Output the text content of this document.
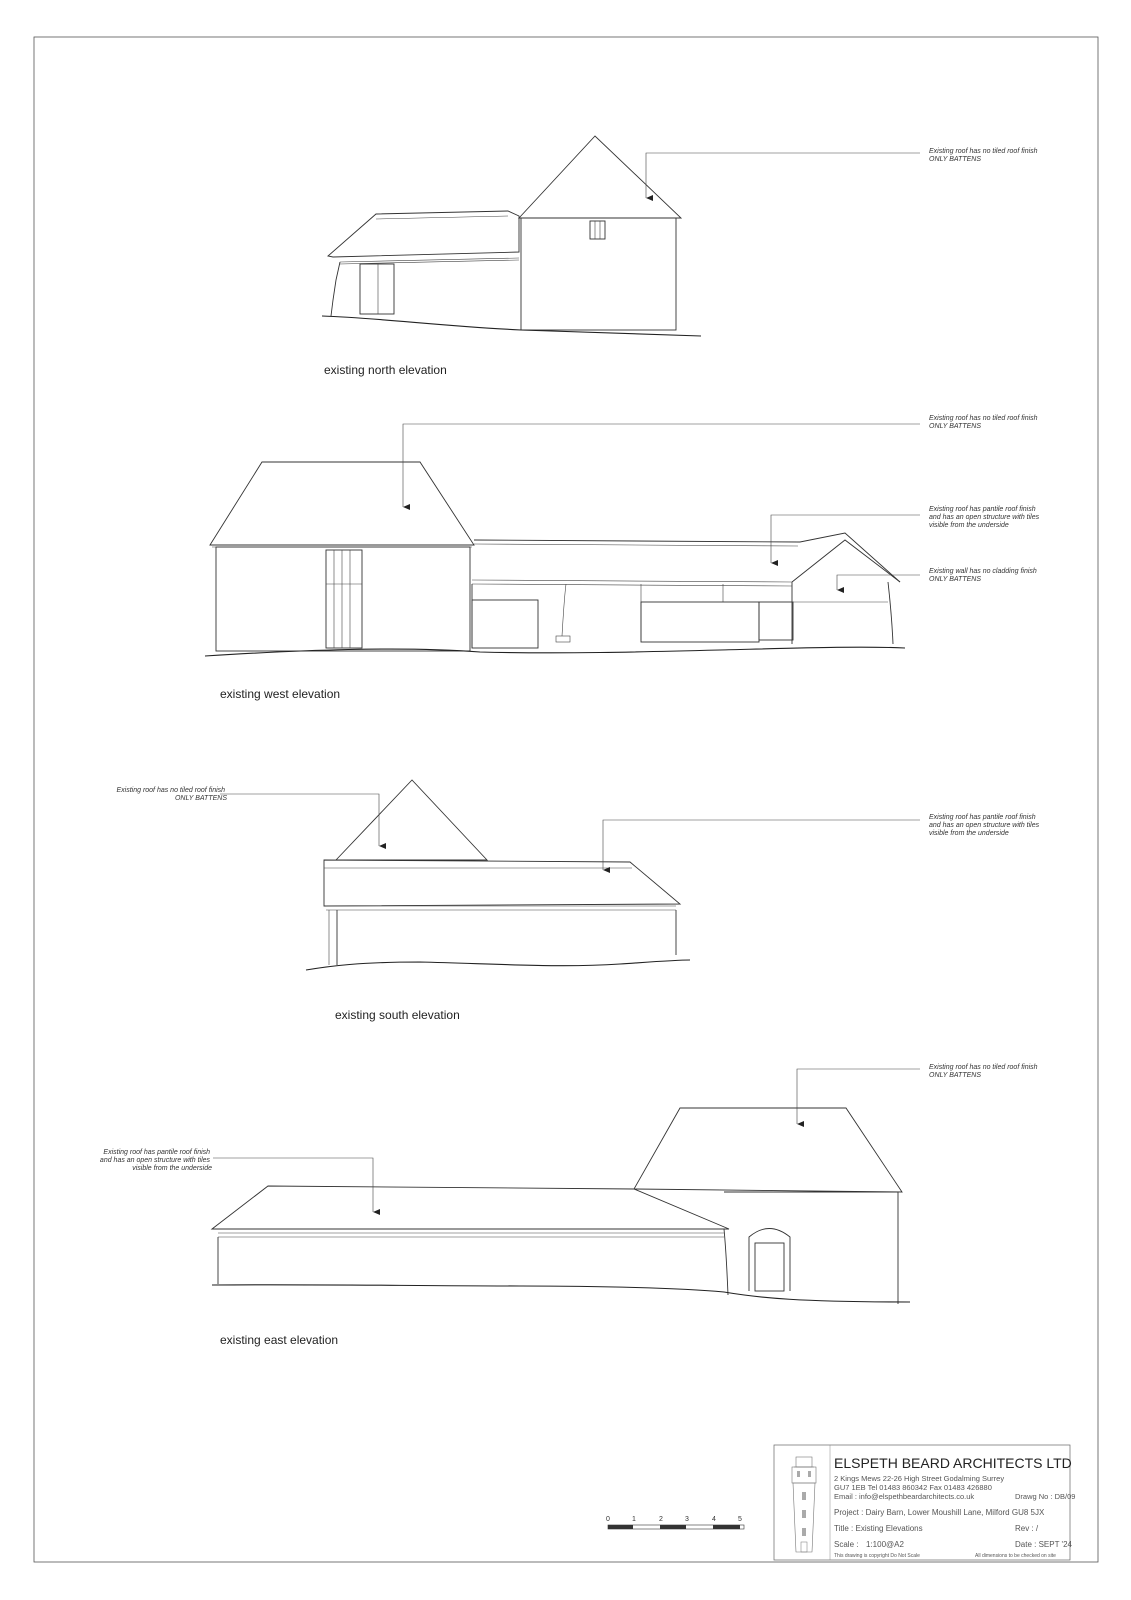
Existing roof has no tiled roof finish ONLY BATTENS
existing north elevation
Existing roof has no tiled roof finish ONLY BATTENS
Existing roof has pantile roof finish and has an open structure with tiles visible from the underside
Existing wall has no cladding finish ONLY BATTENS
existing west elevation
Existing roof has no tiled roof finish ONLY BATTENS
Existing roof has pantile roof finish and has an open structure with tiles visible from the underside
existing south elevation
Existing roof has no tiled roof finish ONLY BATTENS
Existing roof has pantile roof finish and has an open structure with tiles visible from the underside
existing east elevation
0	1	2	3	4	5
ELSPETH BEARD ARCHITECTS LTD
2 Kings Mews 22-26 High Street Godalming Surrey
GU7 1EB Tel 01483 860342 Fax 01483 426880
Email : info@elspethbeardarchitects.co.uk	Drawg No : DB/09
Project : Dairy Barn, Lower Moushill Lane, Milford GU8 5JX
Title : Existing Elevations	Rev : /
Scale : 1:100@A2	Date : SEPT '24
This drawing is copyright Do Not Scale	All dimensions to be checked on site
